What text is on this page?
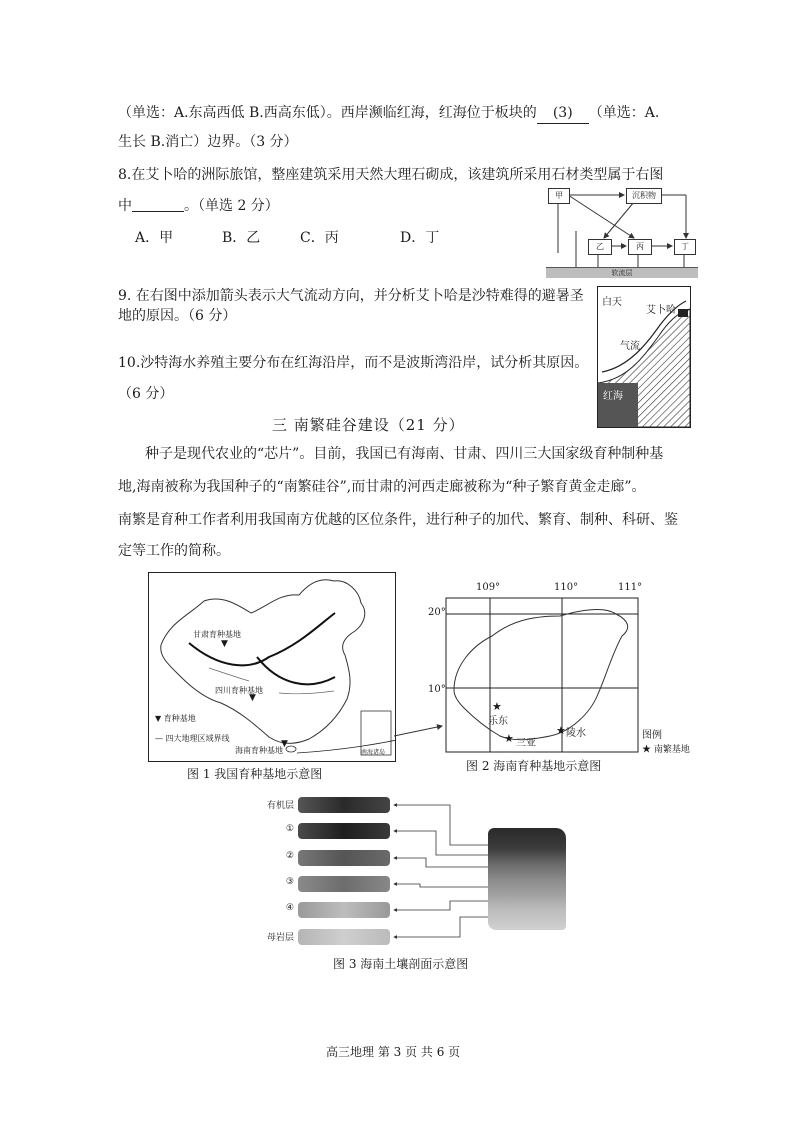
（单选：A.东高西低 B.西高东低）。西岸濒临红海，红海位于板块的 (3) （单选：A.
生长 B.消亡）边界。（3 分）
8.在艾卜哈的洲际旅馆，整座建筑采用天然大理石砌成，该建筑所采用石材类型属于右图
中	。（单选 2 分）
A．甲	B．乙	C．丙	D．丁
甲	沉积物
乙	丙	丁
软流层
9. 在右图中添加箭头表示大气流动方向，并分析艾卜哈是沙特难得的避暑圣
地的原因。（6 分）
白天
艾卜哈
气流
红海
10.沙特海水养殖主要分布在红海沿岸，而不是波斯湾沿岸，试分析其原因。
（6 分）
三 南繁硅谷建设（21 分）
种子是现代农业的“芯片”。目前，我国已有海南、甘肃、四川三大国家级育种制种基
地,海南被称为我国种子的“南繁硅谷”,而甘肃的河西走廊被称为“种子繁育黄金走廊”。
南繁是育种工作者利用我国南方优越的区位条件，进行种子的加代、繁育、制种、科研、鉴
定等工作的简称。
▼
甘肃育种基地
▼
四川育种基地
▼
海南育种基地
▼ 育种基地
— 四大地理区域界线
南海诸岛
图 1 我国育种基地示意图
109°	110°	111°
20°
10°
★
乐东
★ 三亚
★ 陵水	图例
★ 南繁基地
图 2 海南育种基地示意图
有机层
①
②
③
④
母岩层
图 3 海南土壤剖面示意图
高三地理 第 3 页 共 6 页
